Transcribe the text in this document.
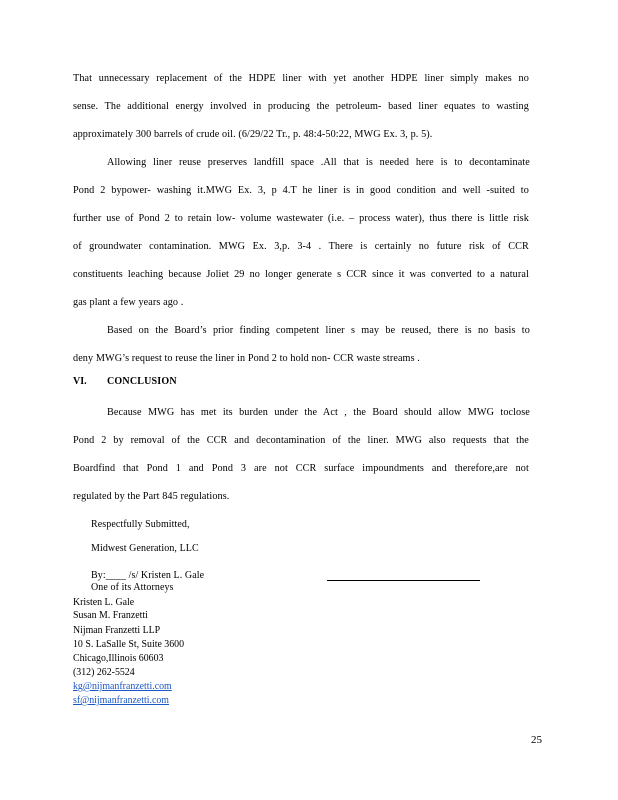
That unnecessary replacement of the HDPE liner with yet another HDPE liner simply makes no
sense. The additional energy involved in producing the petroleum- based liner equates to wasting
approximately 300 barrels of crude oil. (6/29/22 Tr., p. 48:4-50:22, MWG Ex. 3, p. 5).
Allowing liner reuse preserves landfill space .All that is needed here is to decontaminate
Pond 2 bypower- washing it.MWG Ex. 3, p 4.T he liner is in good condition and well -suited to
further use of Pond 2 to retain low- volume wastewater (i.e. – process water), thus there is little risk
of groundwater contamination. MWG Ex. 3,p. 3-4 . There is certainly no future risk of CCR
constituents leaching because Joliet 29 no longer generate s CCR since it was converted to a natural
gas plant a few years ago .
Based on the Board’s prior finding competent liner s may be reused, there is no basis to
deny MWG’s request to reuse the liner in Pond 2 to hold non- CCR waste streams .
VI. CONCLUSION
Because MWG has met its burden under the Act , the Board should allow MWG toclose
Pond 2 by removal of the CCR and decontamination of the liner. MWG also requests that the
Boardfind that Pond 1 and Pond 3 are not CCR surface impoundments and therefore,are not
regulated by the Part 845 regulations.
Respectfully Submitted,
Midwest Generation, LLC
By:____ /s/ Kristen L. Gale
One of its Attorneys
Kristen L. Gale
Susan M. Franzetti
Nijman Franzetti LLP
10 S. LaSalle St, Suite 3600
Chicago,Illinois 60603
(312) 262-5524
kg@nijmanfranzetti.com
sf@nijmanfranzetti.com
25
